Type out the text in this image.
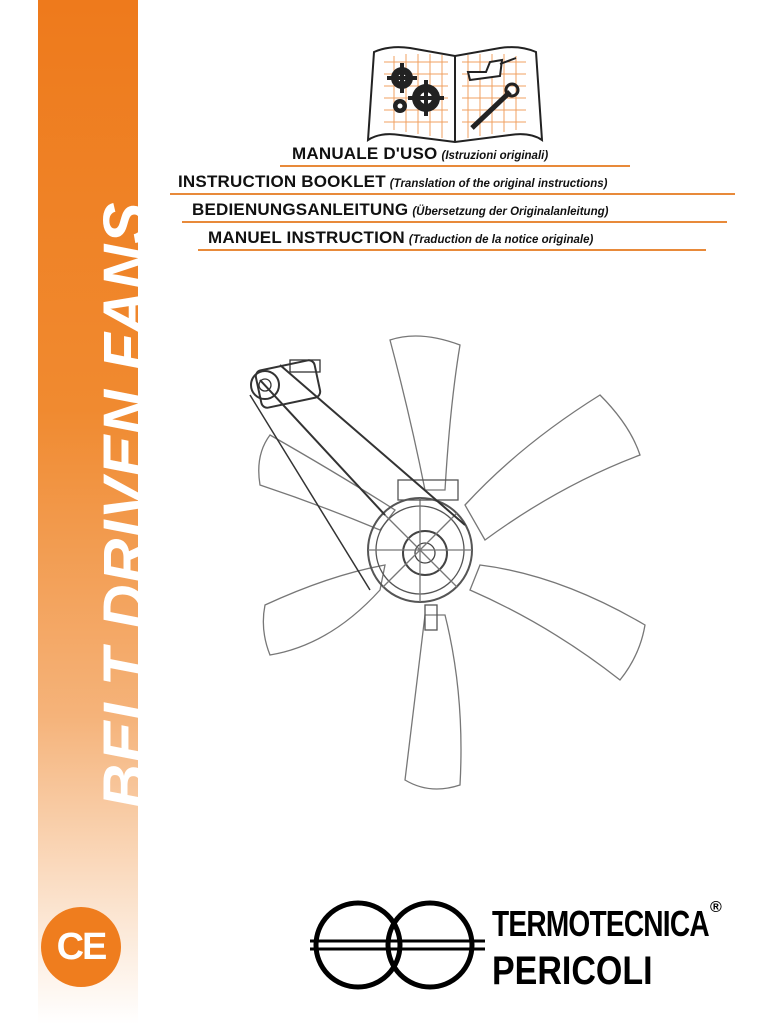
BELT DRIVEN FANS
CE
MANUALE D'USO (Istruzioni originali)
INSTRUCTION BOOKLET (Translation of the original instructions)
BEDIENUNGSANLEITUNG (Übersetzung der Originalanleitung)
MANUEL INSTRUCTION (Traduction de la notice originale)
TERMOTECNICA ®
PERICOLI
